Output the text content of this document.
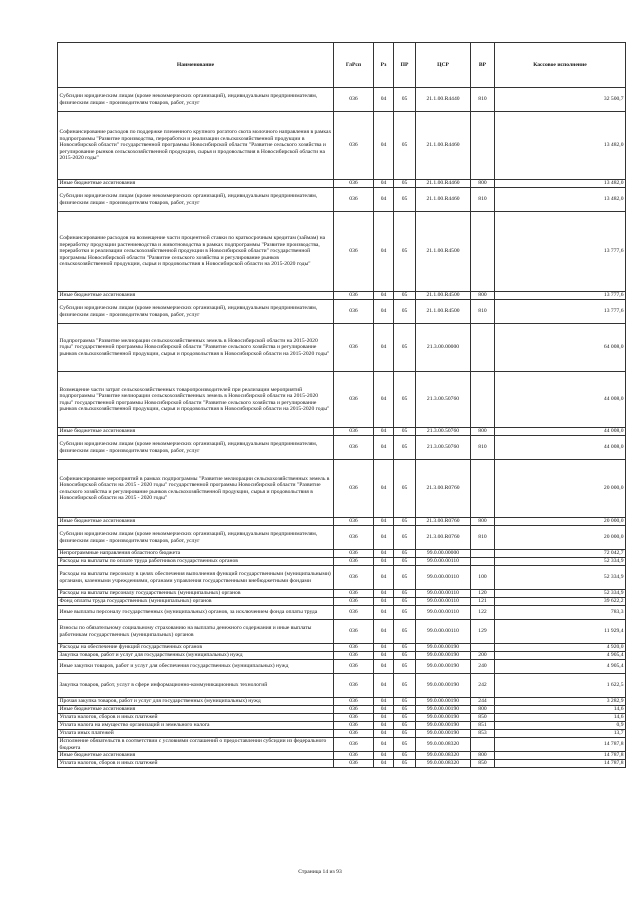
Наименование	ГлРсп	Рз	ПР	ЦСР	ВР	Кассовое исполнение
Субсидии юридическим лицам (кроме некоммерческих организаций), индивидуальным предпринимателям, физическим лицам - производителям товаров, работ, услуг	036	04	05	21.1.00.R4440	810	32 500,7
Софинансирование расходов по поддержке племенного крупного рогатого скота молочного направления в рамках подпрограммы "Развитие производства, переработки и реализации сельскохозяйственной продукции в Новосибирской области" государственной программы Новосибирской области "Развитие сельского хозяйства и регулирование рынков сельскохозяйственной продукции, сырья и продовольствия в Новосибирской области на 2015-2020 годы"	036	04	05	21.1.00.R4460		13 482,0
Иные бюджетные ассигнования	036	04	05	21.1.00.R4460	800	13 482,0
Субсидии юридическим лицам (кроме некоммерческих организаций), индивидуальным предпринимателям, физическим лицам - производителям товаров, работ, услуг	036	04	05	21.1.00.R4460	810	13 482,0
Софинансирование расходов на возмещение части процентной ставки по краткосрочным кредитам (займам) на переработку продукции растениеводства и животноводства в рамках подпрограммы "Развитие производства, переработки и реализации сельскохозяйственной продукции в Новосибирской области" государственной программы Новосибирской области "Развитие сельского хозяйства и регулирование рынков сельскохозяйственной продукции, сырья и продовольствия в Новосибирской области на 2015-2020 годы"	036	04	05	21.1.00.R4500		13 777,6
Иные бюджетные ассигнования	036	04	05	21.1.00.R4500	800	13 777,6
Субсидии юридическим лицам (кроме некоммерческих организаций), индивидуальным предпринимателям, физическим лицам - производителям товаров, работ, услуг	036	04	05	21.1.00.R4500	810	13 777,6
Подпрограмма "Развитие мелиорации сельскохозяйственных земель в Новосибирской области на 2015-2020 годы" государственной программы Новосибирской области "Развитие сельского хозяйства и регулирование рынков сельскохозяйственной продукции, сырья и продовольствия в Новосибирской области на 2015-2020 годы"	036	04	05	21.3.00.00000		64 008,0
Возмещение части затрат сельскохозяйственных товаропроизводителей при реализации мероприятий подпрограммы "Развитие мелиорации сельскохозяйственных земель в Новосибирской области на 2015-2020 годы" государственной программы Новосибирской области "Развитие сельского хозяйства и регулирование рынков сельскохозяйственной продукции, сырья и продовольствия в Новосибирской области на 2015-2020 годы"	036	04	05	21.3.00.50760		44 008,0
Иные бюджетные ассигнования	036	04	05	21.3.00.50760	800	44 008,0
Субсидии юридическим лицам (кроме некоммерческих организаций), индивидуальным предпринимателям, физическим лицам - производителям товаров, работ, услуг	036	04	05	21.3.00.50760	810	44 008,0
Софинансирование мероприятий в рамках подпрограммы "Развитие мелиорации сельскохозяйственных земель в Новосибирской области на 2015 - 2020 годы" государственной программы Новосибирской области "Развитие сельского хозяйства и регулирование рынков сельскохозяйственной продукции, сырья и продовольствия в Новосибирской области на 2015 - 2020 годы"	036	04	05	21.3.00.R0760		20 000,0
Иные бюджетные ассигнования	036	04	05	21.3.00.R0760	800	20 000,0
Субсидии юридическим лицам (кроме некоммерческих организаций), индивидуальным предпринимателям, физическим лицам - производителям товаров, работ, услуг	036	04	05	21.3.00.R0760	810	20 000,0
Непрограммные направления областного бюджета	036	04	05	99.0.00.00000		72 042,7
Расходы на выплаты по оплате труда работников государственных органов	036	04	05	99.0.00.00110		52 334,9
Расходы на выплаты персоналу в целях обеспечения выполнения функций государственными (муниципальными) органами, казенными учреждениями, органами управления государственными внебюджетными фондами	036	04	05	99.0.00.00110	100	52 334,9
Расходы на выплаты персоналу государственных (муниципальных) органов	036	04	05	99.0.00.00110	120	52 334,9
Фонд оплаты труда государственных (муниципальных) органов	036	04	05	99.0.00.00110	121	39 622,2
Иные выплаты персоналу государственных (муниципальных) органов, за исключением фонда оплаты труда	036	04	05	99.0.00.00110	122	783,3
Взносы по обязательному социальному страхованию на выплаты денежного содержания и иные выплаты работникам государственных (муниципальных) органов	036	04	05	99.0.00.00110	129	11 929,4
Расходы на обеспечение функций государственных органов	036	04	05	99.0.00.00190		4 920,0
Закупка товаров, работ и услуг для государственных (муниципальных) нужд	036	04	05	99.0.00.00190	200	4 905,4
Иные закупки товаров, работ и услуг для обеспечения государственных (муниципальных) нужд	036	04	05	99.0.00.00190	240	4 905,4
Закупка товаров, работ, услуг в сфере информационно-коммуникационных технологий	036	04	05	99.0.00.00190	242	1 622,5
Прочая закупка товаров, работ и услуг для государственных (муниципальных) нужд	036	04	05	99.0.00.00190	244	3 282,9
Иные бюджетные ассигнования	036	04	05	99.0.00.00190	800	14,6
Уплата налогов, сборов и иных платежей	036	04	05	99.0.00.00190	850	14,6
Уплата налога на имущество организаций и земельного налога	036	04	05	99.0.00.00190	851	0,9
Уплата иных платежей	036	04	05	99.0.00.00190	853	13,7
Исполнение обязательств в соответствии с условиями соглашений о предоставлении субсидии из федерального бюджета	036	04	05	99.0.00.08320		14 787,8
Иные бюджетные ассигнования	036	04	05	99.0.00.08320	800	14 787,8
Уплата налогов, сборов и иных платежей	036	04	05	99.0.00.08320	850	14 787,8
Страница 14 из 93
